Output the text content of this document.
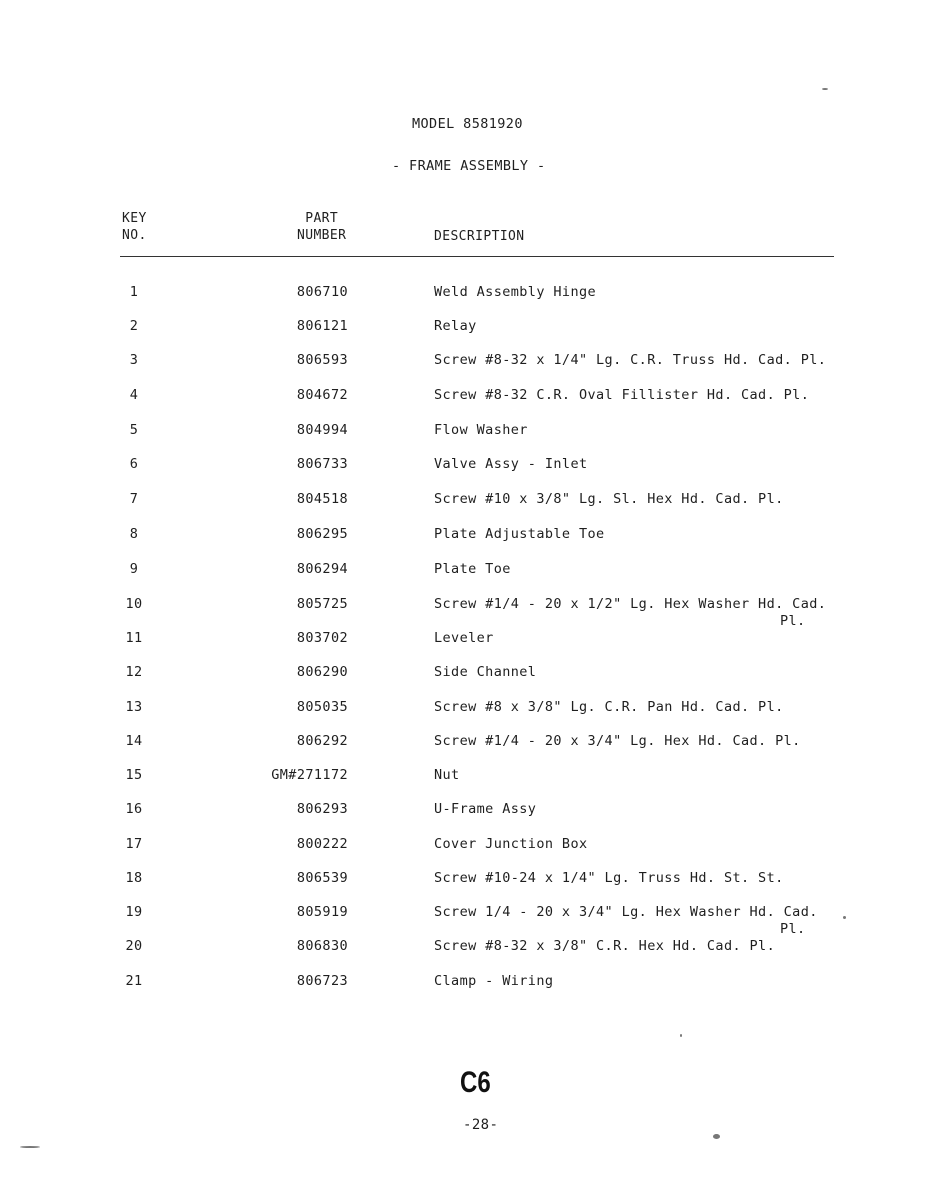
MODEL 8581920
- FRAME ASSEMBLY -
KEY
NO.
PART
NUMBER	DESCRIPTION
1	806710	Weld Assembly Hinge
2	806121	Relay
3	806593	Screw #8-32 x 1/4" Lg. C.R. Truss Hd. Cad. Pl.
4	804672	Screw #8-32 C.R. Oval Fillister Hd. Cad. Pl.
5	804994	Flow Washer
6	806733	Valve Assy - Inlet
7	804518	Screw #10 x 3/8" Lg. Sl. Hex Hd. Cad. Pl.
8	806295	Plate Adjustable Toe
9	806294	Plate Toe
10	805725	Screw #1/4 - 20 x 1/2" Lg. Hex Washer Hd. Cad.
Pl.
11	803702	Leveler
12	806290	Side Channel
13	805035	Screw #8 x 3/8" Lg. C.R. Pan Hd. Cad. Pl.
14	806292	Screw #1/4 - 20 x 3/4" Lg. Hex Hd. Cad. Pl.
15	GM#271172	Nut
16	806293	U-Frame Assy
17	800222	Cover Junction Box
18	806539	Screw #10-24 x 1/4" Lg. Truss Hd. St. St.
19	805919	Screw 1/4 - 20 x 3/4" Lg. Hex Washer Hd. Cad.
Pl.
20	806830	Screw #8-32 x 3/8" C.R. Hex Hd. Cad. Pl.
21	806723	Clamp - Wiring
C6
-28-
